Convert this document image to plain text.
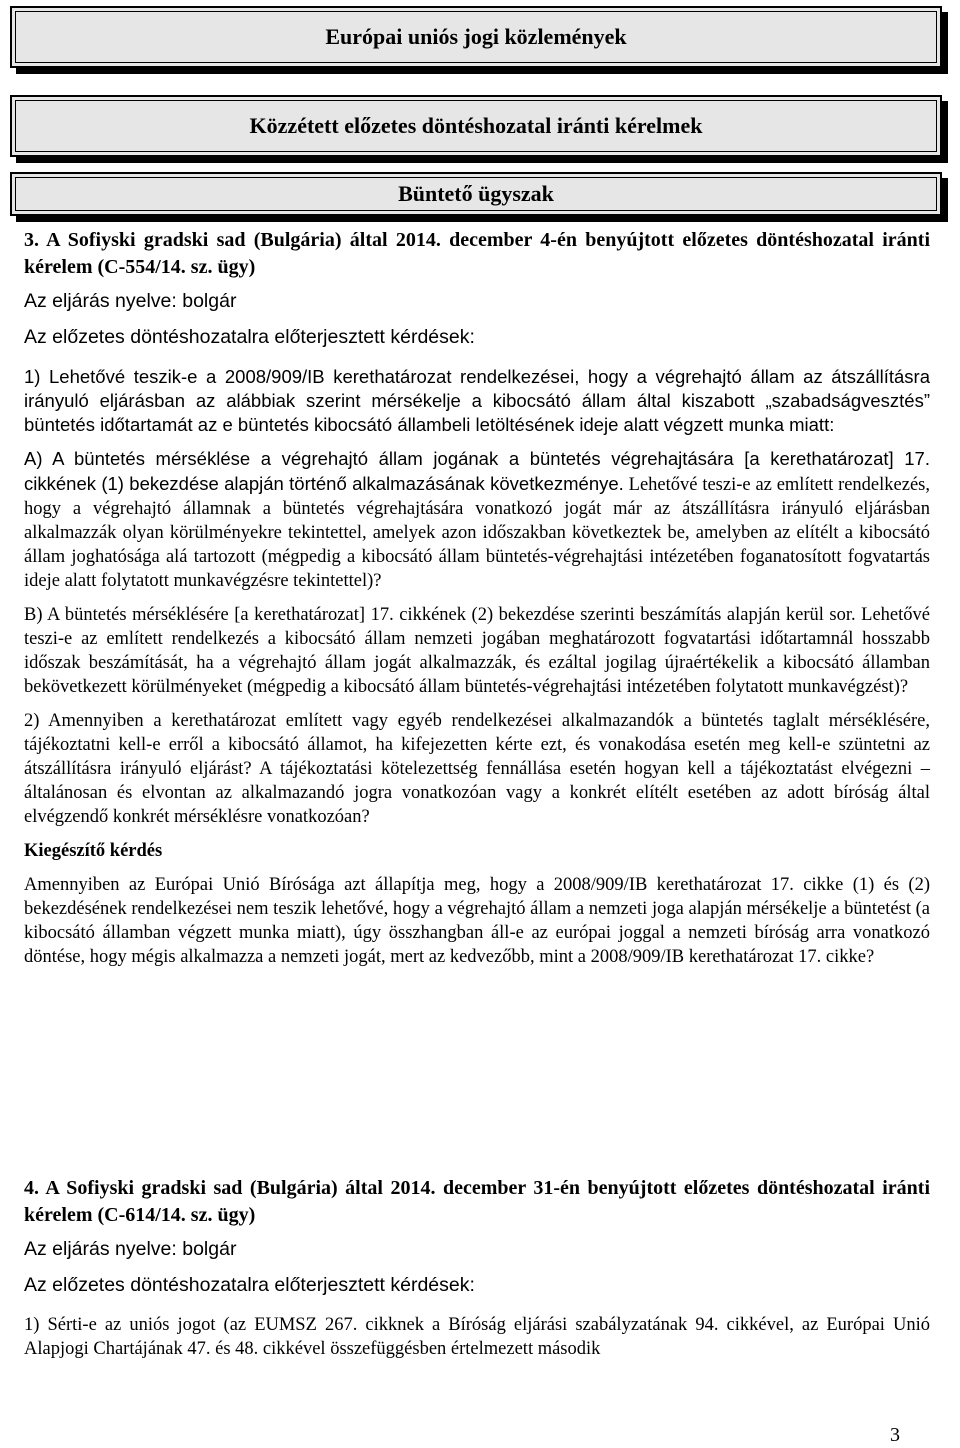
Európai uniós jogi közlemények
Közzétett előzetes döntéshozatal iránti kérelmek
Büntető ügyszak

3. A Sofiyski gradski sad (Bulgária) által 2014. december 4-én benyújtott előzetes döntéshozatal iránti kérelem (C-554/14. sz. ügy)

Az eljárás nyelve: bolgár

Az előzetes döntéshozatalra előterjesztett kérdések:

1) Lehetővé teszik-e a 2008/909/IB kerethatározat rendelkezései, hogy a végrehajtó állam az átszállításra irányuló eljárásban az alábbiak szerint mérsékelje a kibocsátó állam által kiszabott „szabadságvesztés” büntetés időtartamát az e büntetés kibocsátó állambeli letöltésének ideje alatt végzett munka miatt:

A) A büntetés mérséklése a végrehajtó állam jogának a büntetés végrehajtására [a kerethatározat] 17. cikkének (1) bekezdése alapján történő alkalmazásának következménye. Lehetővé teszi-e az említett rendelkezés, hogy a végrehajtó államnak a büntetés végrehajtására vonatkozó jogát már az átszállításra irányuló eljárásban alkalmazzák olyan körülményekre tekintettel, amelyek azon időszakban következtek be, amelyben az elítélt a kibocsátó állam joghatósága alá tartozott (mégpedig a kibocsátó állam büntetés-végrehajtási intézetében foganatosított fogvatartás ideje alatt folytatott munkavégzésre tekintettel)?

B) A büntetés mérséklésére [a kerethatározat] 17. cikkének (2) bekezdése szerinti beszámítás alapján kerül sor. Lehetővé teszi-e az említett rendelkezés a kibocsátó állam nemzeti jogában meghatározott fogvatartási időtartamnál hosszabb időszak beszámítását, ha a végrehajtó állam jogát alkalmazzák, és ezáltal jogilag újraértékelik a kibocsátó államban bekövetkezett körülményeket (mégpedig a kibocsátó állam büntetés-végrehajtási intézetében folytatott munkavégzést)?

2) Amennyiben a kerethatározat említett vagy egyéb rendelkezései alkalmazandók a büntetés taglalt mérséklésére, tájékoztatni kell-e erről a kibocsátó államot, ha kifejezetten kérte ezt, és vonakodása esetén meg kell-e szüntetni az átszállításra irányuló eljárást? A tájékoztatási kötelezettség fennállása esetén hogyan kell a tájékoztatást elvégezni – általánosan és elvontan az alkalmazandó jogra vonatkozóan vagy a konkrét elítélt esetében az adott bíróság által elvégzendő konkrét mérséklésre vonatkozóan?

Kiegészítő kérdés

Amennyiben az Európai Unió Bírósága azt állapítja meg, hogy a 2008/909/IB kerethatározat 17. cikke (1) és (2) bekezdésének rendelkezései nem teszik lehetővé, hogy a végrehajtó állam a nemzeti joga alapján mérsékelje a büntetést (a kibocsátó államban végzett munka miatt), úgy összhangban áll-e az európai joggal a nemzeti bíróság arra vonatkozó döntése, hogy mégis alkalmazza a nemzeti jogát, mert az kedvezőbb, mint a 2008/909/IB kerethatározat 17. cikke?

4. A Sofiyski gradski sad (Bulgária) által 2014. december 31-én benyújtott előzetes döntéshozatal iránti kérelem (C-614/14. sz. ügy)

Az eljárás nyelve: bolgár

Az előzetes döntéshozatalra előterjesztett kérdések:

1) Sérti-e az uniós jogot (az EUMSZ 267. cikknek a Bíróság eljárási szabályzatának 94. cikkével, az Európai Unió Alapjogi Chartájának 47. és 48. cikkével összefüggésben értelmezett második

3
